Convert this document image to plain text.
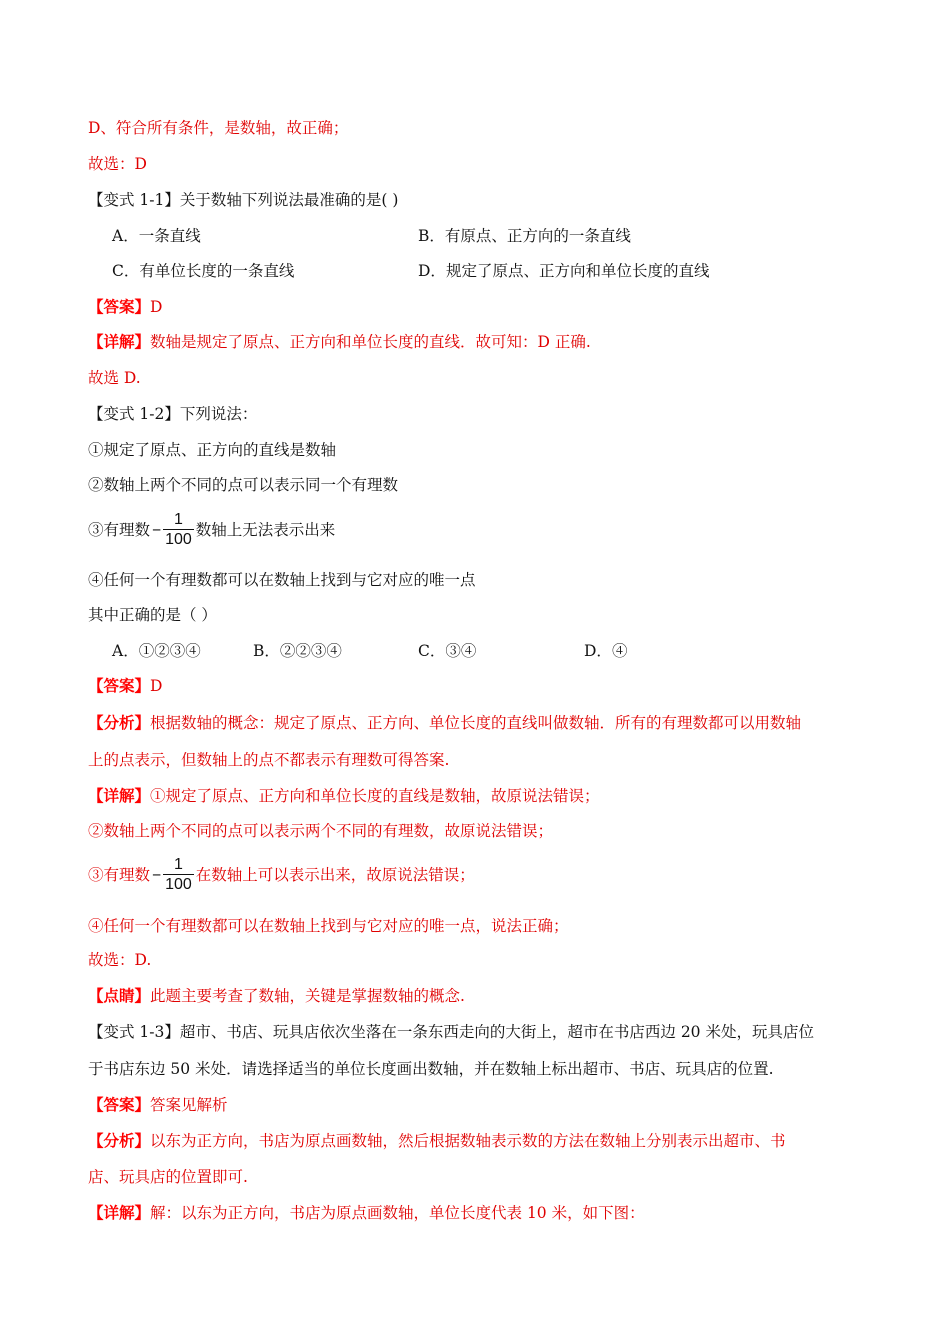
D、符合所有条件，是数轴，故正确；
故选：D
【变式 1-1】关于数轴下列说法最准确的是( )
A．一条直线	B．有原点、正方向的一条直线
C．有单位长度的一条直线	D．规定了原点、正方向和单位长度的直线
【答案】D
【详解】数轴是规定了原点、正方向和单位长度的直线．故可知：D 正确.
故选 D.
【变式 1-2】下列说法：
①规定了原点、正方向的直线是数轴
②数轴上两个不同的点可以表示同一个有理数
③有理数 − $\frac{1}{100}$ 数轴上无法表示出来
④任何一个有理数都可以在数轴上找到与它对应的唯一点
其中正确的是（ ）
A．①②③④	B．②②③④	C．③④	D．④
【答案】D
【分析】根据数轴的概念：规定了原点、正方向、单位长度的直线叫做数轴．所有的有理数都可以用数轴
上的点表示，但数轴上的点不都表示有理数可得答案.
【详解】①规定了原点、正方向和单位长度的直线是数轴，故原说法错误；
②数轴上两个不同的点可以表示两个不同的有理数，故原说法错误；
③有理数 − $\frac{1}{100}$ 在数轴上可以表示出来，故原说法错误；
④任何一个有理数都可以在数轴上找到与它对应的唯一点，说法正确；
故选：D.
【点睛】此题主要考查了数轴，关键是掌握数轴的概念.
【变式 1-3】超市、书店、玩具店依次坐落在一条东西走向的大街上，超市在书店西边 20 米处，玩具店位
于书店东边 50 米处．请选择适当的单位长度画出数轴，并在数轴上标出超市、书店、玩具店的位置.
【答案】答案见解析
【分析】以东为正方向，书店为原点画数轴，然后根据数轴表示数的方法在数轴上分别表示出超市、书
店、玩具店的位置即可.
【详解】解：以东为正方向，书店为原点画数轴，单位长度代表 10 米，如下图：
